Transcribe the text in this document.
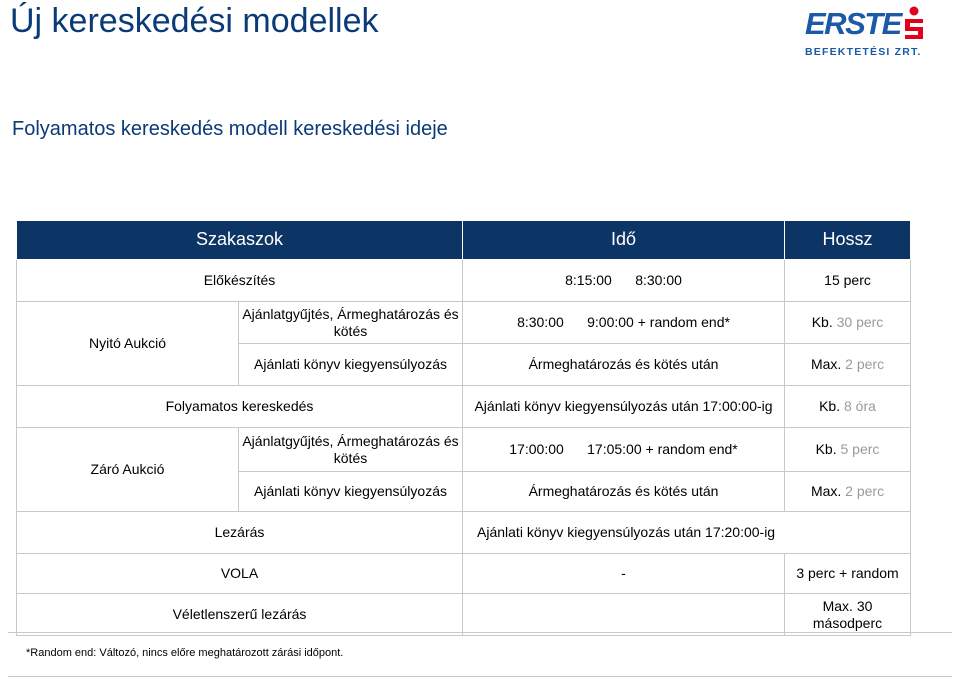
Új kereskedési modellek	ERSTE
BEFEKTETÉSI ZRT.
Folyamatos kereskedés modell kereskedési ideje
Szakaszok		Idő	Hossz
Előkészítés		8:15:00 8:30:00	15 perc
Nyitó Aukció	Ajánlatgyűjtés, Ármeghatározás és kötés	8:30:00 9:00:00 + random end*	Kb. 30 perc
	Ajánlati könyv kiegyensúlyozás	Ármeghatározás és kötés után	Max. 2 perc
Folyamatos kereskedés		Ajánlati könyv kiegyensúlyozás után 17:00:00-ig	Kb. 8 óra
Záró Aukció	Ajánlatgyűjtés, Ármeghatározás és kötés	17:00:00 17:05:00 + random end*	Kb. 5 perc
	Ajánlati könyv kiegyensúlyozás	Ármeghatározás és kötés után	Max. 2 perc
Lezárás		Ajánlati könyv kiegyensúlyozás után 17:20:00-ig	
VOLA		-	3 perc + random
Véletlenszerű lezárás			Max. 30 másodperc
*Random end: Változó, nincs előre meghatározott zárási időpont.
